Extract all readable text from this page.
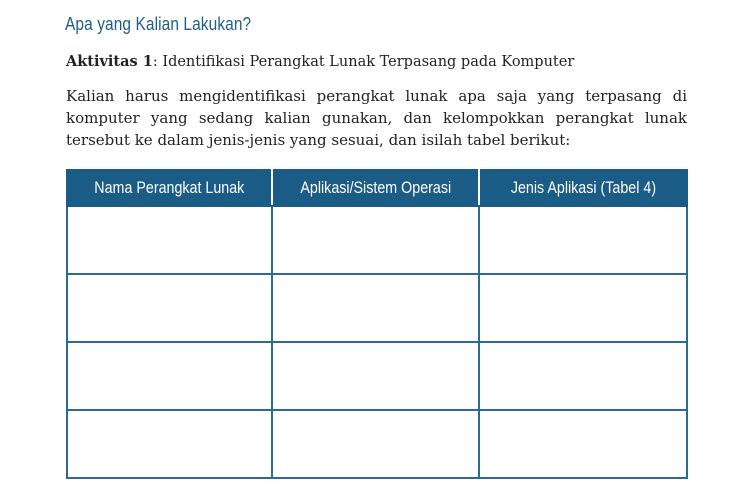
Apa yang Kalian Lakukan?
Aktivitas 1: Identifikasi Perangkat Lunak Terpasang pada Komputer
Kalian harus mengidentifikasi perangkat lunak apa saja yang terpasang di
komputer yang sedang kalian gunakan, dan kelompokkan perangkat lunak
tersebut ke dalam jenis-jenis yang sesuai, dan isilah tabel berikut:
Nama Perangkat Lunak	Aplikasi/Sistem Operasi	Jenis Aplikasi (Tabel 4)
